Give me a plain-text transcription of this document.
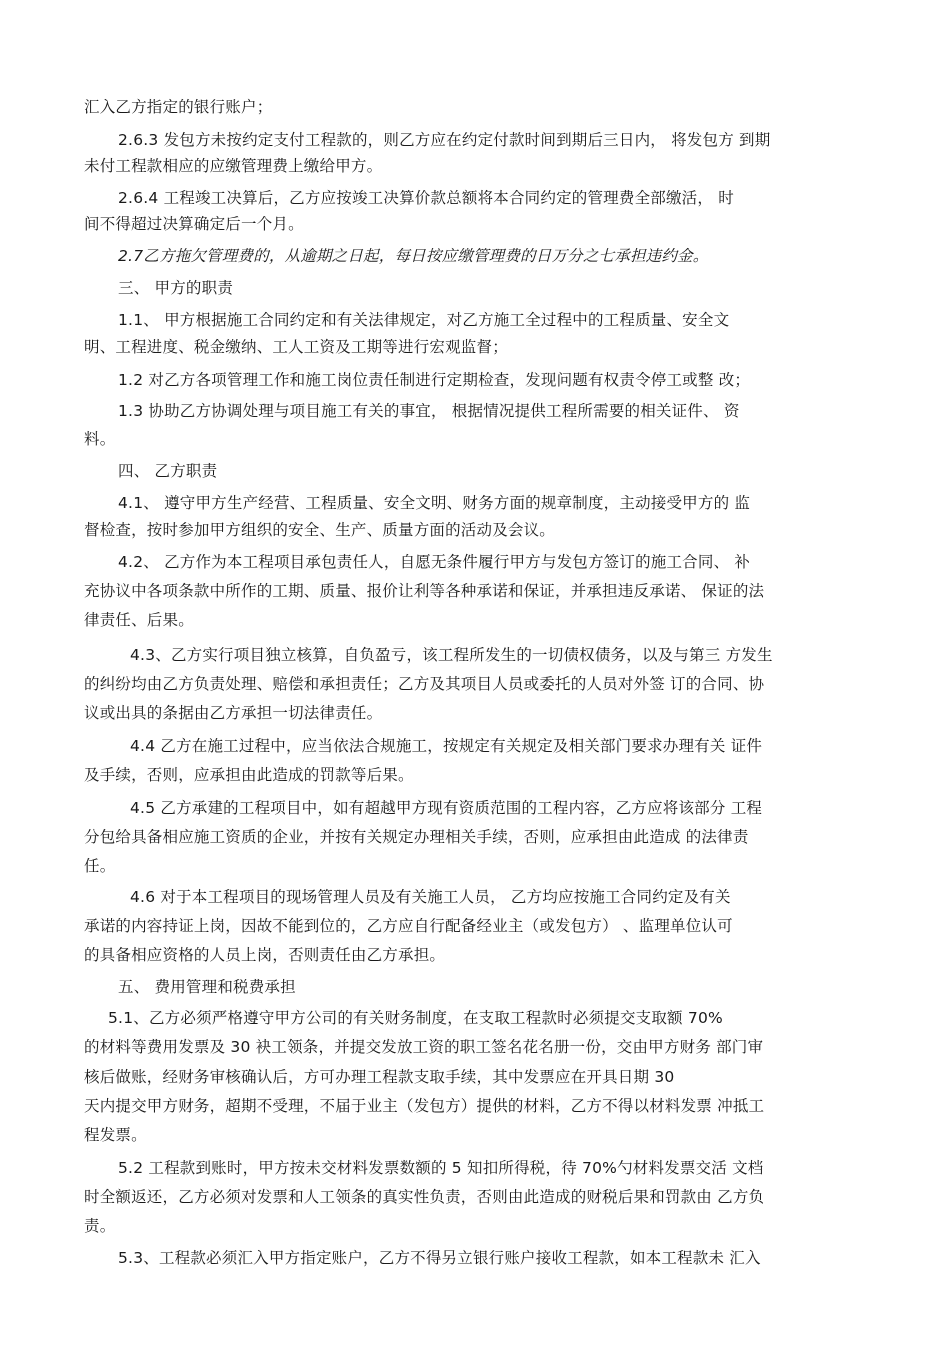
汇入乙方指定的银行账户；
2.6.3 发包方未按约定支付工程款的，则乙方应在约定付款时间到期后三日内， 将发包方 到期
未付工程款相应的应缴管理费上缴给甲方。
2.6.4 工程竣工决算后，乙方应按竣工决算价款总额将本合同约定的管理费全部缴活， 时
间不得超过决算确定后一个月。
2.7乙方拖欠管理费的，从逾期之日起，每日按应缴管理费的日万分之七承担违约金。
三、 甲方的职责
1.1、 甲方根据施工合同约定和有关法律规定，对乙方施工全过程中的工程质量、安全文
明、工程进度、税金缴纳、工人工资及工期等进行宏观监督；
1.2 对乙方各项管理工作和施工岗位责任制进行定期检查，发现问题有权责令停工或整 改；
1.3 协助乙方协调处理与项目施工有关的事宜， 根据情况提供工程所需要的相关证件、 资
料。
四、 乙方职责
4.1、 遵守甲方生产经营、工程质量、安全文明、财务方面的规章制度，主动接受甲方的 监
督检查，按时参加甲方组织的安全、生产、质量方面的活动及会议。
4.2、 乙方作为本工程项目承包责任人，自愿无条件履行甲方与发包方签订的施工合同、 补
充协议中各项条款中所作的工期、质量、报价让利等各种承诺和保证，并承担违反承诺、 保证的法
律责任、后果。
4.3、乙方实行项目独立核算，自负盈亏，该工程所发生的一切债权债务，以及与第三 方发生
的纠纷均由乙方负责处理、赔偿和承担责任；乙方及其项目人员或委托的人员对外签 订的合同、协
议或出具的条据由乙方承担一切法律责任。
4.4 乙方在施工过程中，应当依法合规施工，按规定有关规定及相关部门要求办理有关 证件
及手续，否则，应承担由此造成的罚款等后果。
4.5 乙方承建的工程项目中，如有超越甲方现有资质范围的工程内容，乙方应将该部分 工程
分包给具备相应施工资质的企业，并按有关规定办理相关手续，否则，应承担由此造成 的法律责
任。
4.6 对于本工程项目的现场管理人员及有关施工人员， 乙方均应按施工合同约定及有关
承诺的内容持证上岗，因故不能到位的，乙方应自行配备经业主（或发包方） 、监理单位认可
的具备相应资格的人员上岗，否则责任由乙方承担。
五、 费用管理和税费承担
5.1、乙方必须严格遵守甲方公司的有关财务制度，在支取工程款时必须提交支取额 70%
的材料等费用发票及 30 袂工领条，并提交发放工资的职工签名花名册一份，交由甲方财务 部门审
核后做账，经财务审核确认后，方可办理工程款支取手续，其中发票应在开具日期 30
天内提交甲方财务，超期不受理，不届于业主（发包方）提供的材料，乙方不得以材料发票 冲抵工
程发票。
5.2 工程款到账时，甲方按未交材料发票数额的 5 知扣所得税，待 70%勺材料发票交活 文档
时全额返还，乙方必须对发票和人工领条的真实性负责，否则由此造成的财税后果和罚款由 乙方负
责。
5.3、工程款必须汇入甲方指定账户，乙方不得另立银行账户接收工程款，如本工程款未 汇入
